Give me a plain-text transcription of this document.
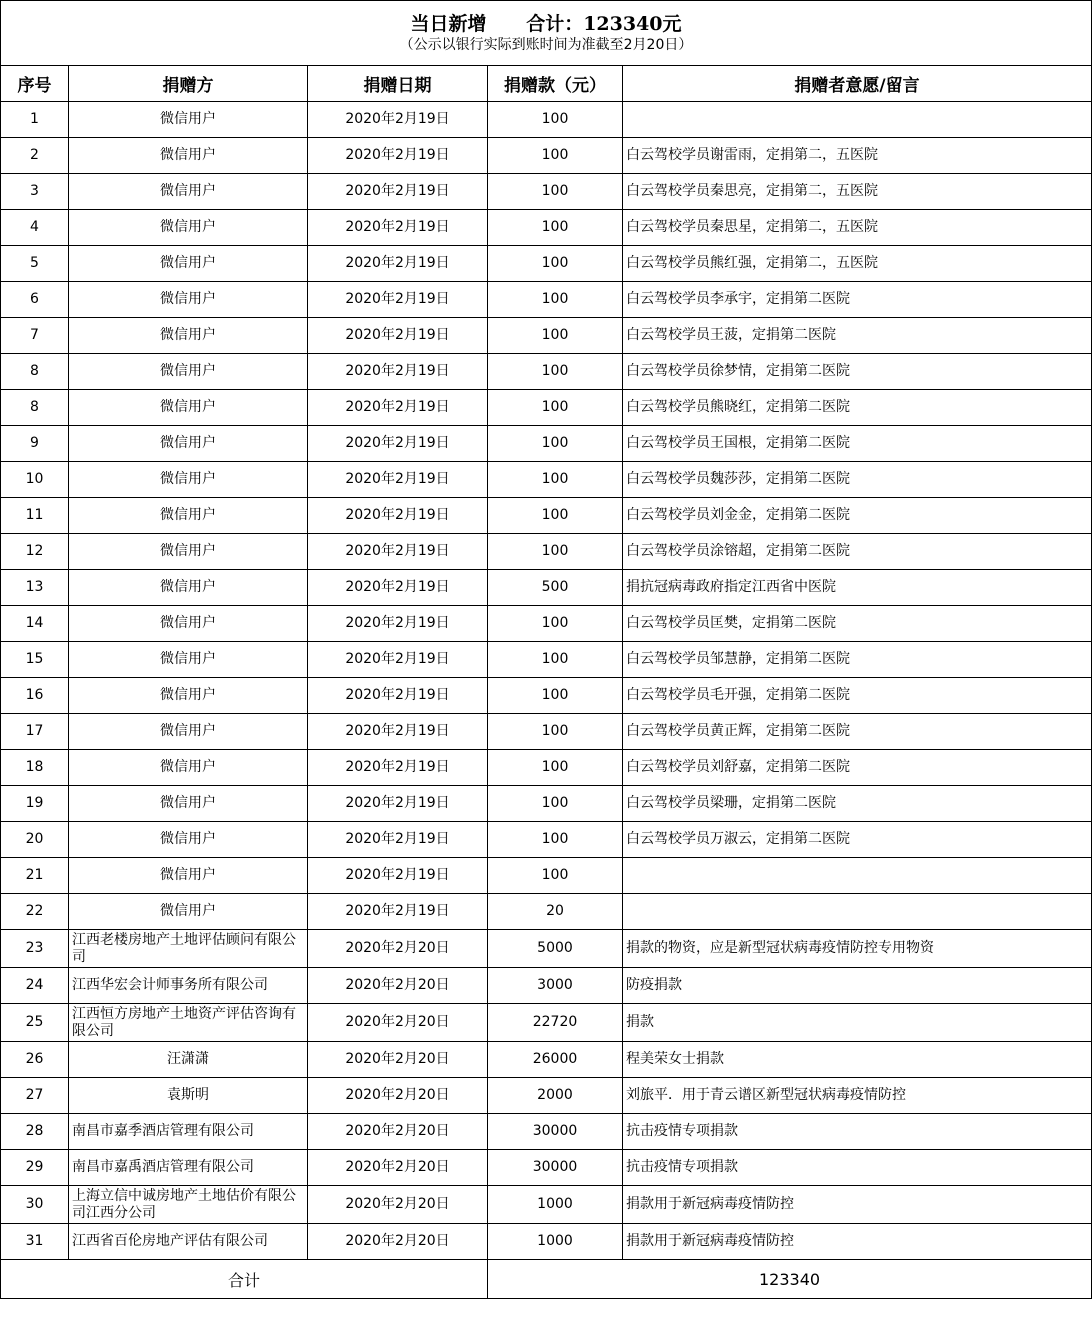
当日新增      合计：123340元
（公示以银行实际到账时间为准截至2月20日）				

序号	捐赠方	捐赠日期	捐赠款（元）	捐赠者意愿/留言
1	微信用户	2020年2月19日	100	
2	微信用户	2020年2月19日	100	白云驾校学员谢雷雨，定捐第二，五医院
3	微信用户	2020年2月19日	100	白云驾校学员秦思亮，定捐第二，五医院
4	微信用户	2020年2月19日	100	白云驾校学员秦思星，定捐第二，五医院
5	微信用户	2020年2月19日	100	白云驾校学员熊红强，定捐第二，五医院
6	微信用户	2020年2月19日	100	白云驾校学员李承宇，定捐第二医院
7	微信用户	2020年2月19日	100	白云驾校学员王菠，定捐第二医院
8	微信用户	2020年2月19日	100	白云驾校学员徐梦情，定捐第二医院
8	微信用户	2020年2月19日	100	白云驾校学员熊晓红，定捐第二医院
9	微信用户	2020年2月19日	100	白云驾校学员王国根，定捐第二医院
10	微信用户	2020年2月19日	100	白云驾校学员魏莎莎，定捐第二医院
11	微信用户	2020年2月19日	100	白云驾校学员刘金金，定捐第二医院
12	微信用户	2020年2月19日	100	白云驾校学员涂镕超，定捐第二医院
13	微信用户	2020年2月19日	500	捐抗冠病毒政府指定江西省中医院
14	微信用户	2020年2月19日	100	白云驾校学员匡樊，定捐第二医院
15	微信用户	2020年2月19日	100	白云驾校学员邹慧静，定捐第二医院
16	微信用户	2020年2月19日	100	白云驾校学员毛开强，定捐第二医院
17	微信用户	2020年2月19日	100	白云驾校学员黄正辉，定捐第二医院
18	微信用户	2020年2月19日	100	白云驾校学员刘舒嘉，定捐第二医院
19	微信用户	2020年2月19日	100	白云驾校学员梁珊，定捐第二医院
20	微信用户	2020年2月19日	100	白云驾校学员万淑云，定捐第二医院
21	微信用户	2020年2月19日	100	
22	微信用户	2020年2月19日	20	
23	江西老楼房地产土地评估顾问有限公司	2020年2月20日	5000	捐款的物资，应是新型冠状病毒疫情防控专用物资
24	江西华宏会计师事务所有限公司	2020年2月20日	3000	防疫捐款
25	江西恒方房地产土地资产评估咨询有限公司	2020年2月20日	22720	捐款
26	汪潇潇	2020年2月20日	26000	程美荣女士捐款
27	袁斯明	2020年2月20日	2000	刘旅平．用于青云谱区新型冠状病毒疫情防控
28	南昌市嘉季酒店管理有限公司	2020年2月20日	30000	抗击疫情专项捐款
29	南昌市嘉禹酒店管理有限公司	2020年2月20日	30000	抗击疫情专项捐款
30	上海立信中诚房地产土地估价有限公司江西分公司	2020年2月20日	1000	捐款用于新冠病毒疫情防控
31	江西省百伦房地产评估有限公司	2020年2月20日	1000	捐款用于新冠病毒疫情防控
合计			123340	
